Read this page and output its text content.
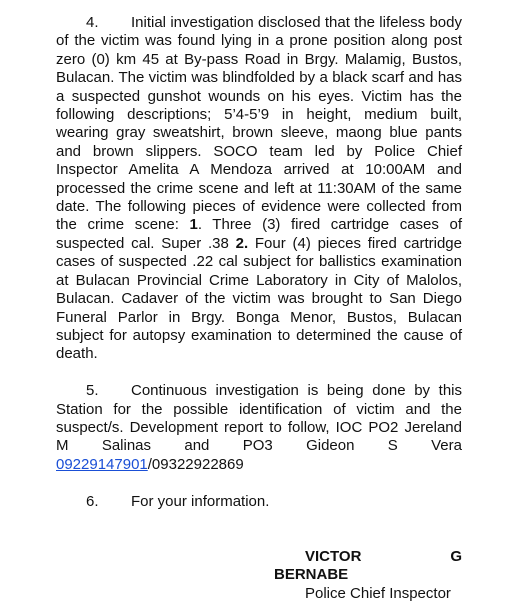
4. Initial investigation disclosed that the lifeless body of the victim was found lying in a prone position along post zero (0) km 45 at By-pass Road in Brgy. Malamig, Bustos, Bulacan. The victim was blindfolded by a black scarf and has a suspected gunshot wounds on his eyes. Victim has the following descriptions; 5’4-5’9 in height, medium built, wearing gray sweatshirt, brown sleeve, maong blue pants and brown slippers. SOCO team led by Police Chief Inspector Amelita A Mendoza arrived at 10:00AM and processed the crime scene and left at 11:30AM of the same date. The following pieces of evidence were collected from the crime scene: 1. Three (3) fired cartridge cases of suspected cal. Super .38 2. Four (4) pieces fired cartridge cases of suspected .22 cal subject for ballistics examination at Bulacan Provincial Crime Laboratory in City of Malolos, Bulacan. Cadaver of the victim was brought to San Diego Funeral Parlor in Brgy. Bonga Menor, Bustos, Bulacan subject for autopsy examination to determined the cause of death.

5. Continuous investigation is being done by this Station for the possible identification of victim and the suspect/s. Development report to follow, IOC PO2 Jereland M Salinas and PO3 Gideon S Vera 09229147901/09322922869

6. For your information.

VICTOR	G
BERNABE
Police Chief Inspector
